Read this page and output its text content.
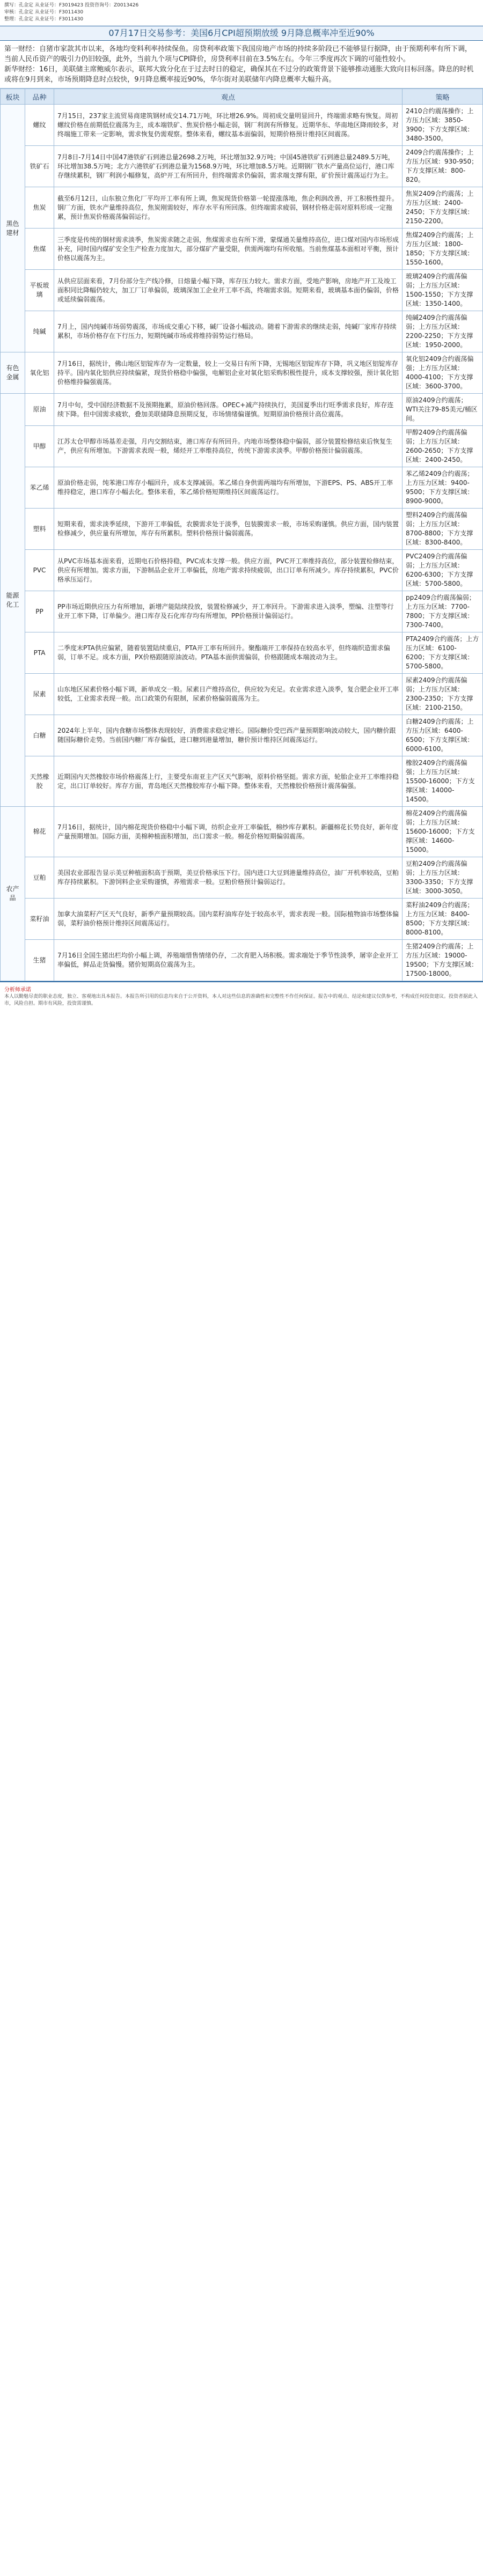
撰写：孔金定 从业证号：F3019423 投资咨询号：Z0013426
审核：孔金定 从业证号：F3011430
整理：孔金定 从业证号：F3011430
07月17日交易参考：美国6月CPI超预期放缓 9月降息概率冲至近90%
第一财经：自猪市家款其市以来，各地均变料利率持续保鱼。房贷利率政策下我国房地产市场的持续多阶段已不能够显行据降，由于预期利率有所下调，当前人民币资产的吸引力仍旧较强，此外，当前九个项与CPI降价，房贷利率目前在3.5%左右。今年三季度再次下调的可能性较小。
新华财经：16日，美联储主席鲍威尔表示，联邦大致分化在于过去时日的稳定，确保其在不过分的政策背景下能够推动通胀大致向目标回落。降息的时机或将在9月到来，市场预期降息时点较快，9月降息概率接近90%，华尔街对美联储年内降息概率大幅升高。
板块	品种	观点	策略
黑色建材	螺纹	7月15日，237家主流贸易商建筑钢材成交14.71万吨，环比增26.9%。周初成交量明显回升，终端需求略有恢复。周初螺纹价格在前期低位震荡为主，成本端铁矿、焦炭价格小幅走弱，钢厂利润有所修复。近期华东、华南地区降雨较多，对终端施工带来一定影响，需求恢复仍需观察。整体来看，螺纹基本面偏弱，短期价格预计维持区间震荡。	2410合约震荡操作；上方压力区域：3850-3900；下方支撑区域：3480-3500。
	铁矿石	7月8日-7月14日中国47港铁矿石到港总量2698.2万吨，环比增加32.9万吨；中国45港铁矿石到港总量2489.5万吨，环比增加38.5万吨；北方六港铁矿石到港总量为1568.9万吨，环比增加8.5万吨。近期钢厂铁水产量高位运行，港口库存继续累积，钢厂利润小幅修复，高炉开工有所回升，但终端需求仍偏弱，需求端支撑有限，矿价预计震荡运行为主。	2409合约震荡操作；上方压力区域：930-950；下方支撑区域：800-820。
	焦炭	截至6月12日，山东独立焦化厂平均开工率有所上调，焦炭现货价格第一轮提涨落地，焦企利润改善，开工积极性提升。钢厂方面，铁水产量维持高位，焦炭刚需较好，库存水平有所回落。但终端需求疲弱，钢材价格走弱对原料形成一定拖累，预计焦炭价格震荡偏弱运行。	焦炭2409合约震荡；上方压力区域：2400-2450；下方支撑区域：2150-2200。
	焦煤	三季度是传统的钢材需求淡季，焦炭需求随之走弱，焦煤需求也有所下滑，蒙煤通关量维持高位，进口煤对国内市场形成补充，同时国内煤矿安全生产检查力度加大，部分煤矿产量受限，供需两端均有所收缩。当前焦煤基本面相对平衡，预计价格以震荡为主。	焦煤2409合约震荡；上方压力区域：1800-1850；下方支撑区域：1550-1600。
	平板玻璃	从供应层面来看，7月份部分生产线冷修，日熔量小幅下降，库存压力较大。需求方面，受地产影响，房地产开工及竣工面积同比降幅仍较大，加工厂订单偏弱，玻璃深加工企业开工率不高，终端需求弱。短期来看，玻璃基本面仍偏弱，价格或延续偏弱震荡。	玻璃2409合约震荡偏弱；上方压力区域：1500-1550；下方支撑区域：1350-1400。
	纯碱	7月上，国内纯碱市场弱势震荡，市场成交重心下移，碱厂设备小幅波动。随着下游需求的继续走弱，纯碱厂家库存持续累积，市场价格存在下行压力，短期纯碱市场或将维持弱势运行格局。	纯碱2409合约震荡偏弱；上方压力区域：2200-2250；下方支撑区域：1950-2000。
有色金属	氧化铝	7月16日，据统计，佛山地区铝锭库存为一定数量，较上一交易日有所下降，无锡地区铝锭库存下降，巩义地区铝锭库存持平。国内氧化铝供应持续偏紧，现货价格稳中偏强，电解铝企业对氧化铝采购积极性提升，成本支撑较强，预计氧化铝价格维持偏强震荡。	氧化铝2409合约震荡偏强；上方压力区域：4000-4100；下方支撑区域：3600-3700。
能源化工	原油	7月中旬，受中国经济数据不及预期拖累，原油价格回落。OPEC+减产持续执行，美国夏季出行旺季需求良好，库存连续下降。但中国需求疲软，叠加美联储降息预期反复，市场情绪偏谨慎。短期原油价格预计高位震荡。	原油2409合约震荡；WTI关注79-85美元/桶区间。
	甲醇	江苏太仓甲醇市场基差走强，月内交割结束，港口库存有所回升。内地市场整体稳中偏弱，部分装置检修结束后恢复生产，供应有所增加。下游需求表现一般，烯烃开工率维持高位，传统下游需求淡季。甲醇价格预计偏弱震荡。	甲醇2409合约震荡偏弱；上方压力区域：2600-2650；下方支撑区域：2400-2450。
	苯乙烯	原油价格走弱，纯苯港口库存小幅回升，成本支撑减弱。苯乙烯自身供需两端均有所增加，下游EPS、PS、ABS开工率维持稳定，港口库存小幅去化。整体来看，苯乙烯价格短期维持区间震荡运行。	苯乙烯2409合约震荡；上方压力区域：9400-9500；下方支撑区域：8900-9000。
	塑料	短期来看，需求淡季延续，下游开工率偏低，农膜需求处于淡季，包装膜需求一般，市场采购谨慎。供应方面，国内装置检修减少，供应量有所增加，库存有所累积。塑料价格预计偏弱震荡。	塑料2409合约震荡偏弱；上方压力区域：8700-8800；下方支撑区域：8300-8400。
	PVC	从PVC市场基本面来看，近期电石价格持稳，PVC成本支撑一般。供应方面，PVC开工率维持高位，部分装置检修结束，供应有所增加。需求方面，下游制品企业开工率偏低，房地产需求持续疲弱，出口订单有所减少。库存持续累积，PVC价格承压运行。	PVC2409合约震荡偏弱；上方压力区域：6200-6300；下方支撑区域：5700-5800。
	PP	PP市场近期供应压力有所增加，新增产能陆续投放，装置检修减少，开工率回升。下游需求进入淡季，塑编、注塑等行业开工率下降，订单偏少。港口库存及石化库存均有所增加，PP价格预计偏弱运行。	pp2409合约震荡偏弱；上方压力区域：7700-7800；下方支撑区域：7300-7400。
	PTA	二季度末PTA供应偏紧，随着装置陆续重启，PTA开工率有所回升。聚酯端开工率保持在较高水平，但终端织造需求偏弱，订单不足。成本方面，PX价格跟随原油波动。PTA基本面供需偏弱，价格跟随成本端波动为主。	PTA2409合约震荡；上方压力区域：6100-6200；下方支撑区域：5700-5800。
	尿素	山东地区尿素价格小幅下调，新单成交一般。尿素日产维持高位，供应较为充足。农业需求进入淡季，复合肥企业开工率较低，工业需求表现一般。出口政策仍有限制，尿素价格偏弱震荡为主。	尿素2409合约震荡偏弱；上方压力区域：2300-2350；下方支撑区域：2100-2150。
	白糖	2024年上半年，国内食糖市场整体表现较好，消费需求稳定增长。国际糖价受巴西产量预期影响波动较大，国内糖价跟随国际糖价走势。当前国内糖厂库存偏低，进口糖到港量增加，糖价预计维持区间震荡运行。	白糖2409合约震荡；上方压力区域：6400-6500；下方支撑区域：6000-6100。
	天然橡胶	近期国内天然橡胶市场价格震荡上行，主要受东南亚主产区天气影响，原料价格坚挺。需求方面，轮胎企业开工率维持稳定，出口订单较好。库存方面，青岛地区天然橡胶库存小幅下降。整体来看，天然橡胶价格预计震荡偏强。	橡胶2409合约震荡偏强；上方压力区域：15500-16000；下方支撑区域：14000-14500。
农产品	棉花	7月16日，据统计，国内棉花现货价格稳中小幅下调，纺织企业开工率偏低，棉纱库存累积。新疆棉花长势良好，新年度产量预期增加。国际方面，美棉种植面积增加，出口需求一般。棉花价格短期偏弱震荡。	棉花2409合约震荡偏弱；上方压力区域：15600-16000；下方支撑区域：14600-15000。
	豆粕	美国农业部报告显示美豆种植面积高于预期，美豆价格承压下行。国内进口大豆到港量维持高位，油厂开机率较高，豆粕库存持续累积。下游饲料企业采购谨慎，养殖需求一般。豆粕价格预计偏弱运行。	豆粕2409合约震荡偏弱；上方压力区域：3300-3350；下方支撑区域：3000-3050。
	菜籽油	加拿大油菜籽产区天气良好，新季产量预期较高。国内菜籽油库存处于较高水平，需求表现一般。国际植物油市场整体偏弱，菜籽油价格预计维持区间震荡运行。	菜籽油2409合约震荡；上方压力区域：8400-8500；下方支撑区域：8000-8100。
	生猪	7月16日全国生猪出栏均价小幅上调，养殖端惜售情绪仍存，二次育肥入场积极。需求端处于季节性淡季，屠宰企业开工率偏低，鲜品走货偏慢。猪价短期高位震荡为主。	生猪2409合约震荡；上方压力区域：19000-19500；下方支撑区域：17500-18000。
分析师承诺
本人以勤勉尽责的职业态度，独立、客观地出具本报告。本报告所引用的信息均来自于公开资料，本人对这些信息的准确性和完整性不作任何保证。报告中的观点、结论和建议仅供参考，不构成任何投资建议。投资者据此入市，风险自担。期市有风险，投资需谨慎。
